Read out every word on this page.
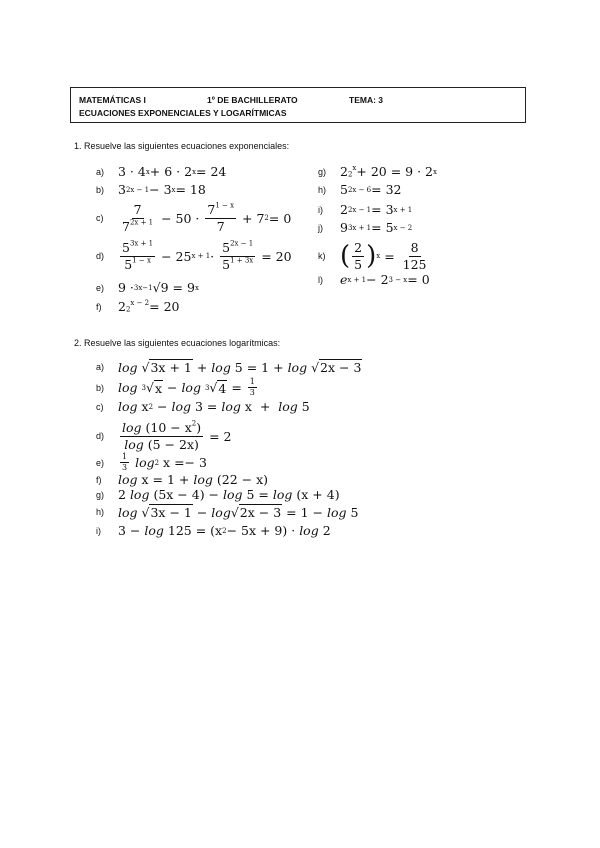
MATEMÁTICAS I	1º DE BACHILLERATO	TEMA: 3
ECUACIONES EXPONENCIALES Y LOGARÍTMICAS
1. Resuelve las siguientes ecuaciones exponenciales:
a)	3 · 4 x + 6 · 2 x = 24
b)	3 2x − 1 − 3 x = 18
c)
7
$7^{2x + 1} - 50$ ·
$7^{1 - x}$
7
+ 7 2 = 0
d)
$5^{3x + 1}$
$5^{1 - x} - 25$ x + 1 ·
$5^{2x - 1}$
$5^{1 + 3x} = 20$
e)	9 · 3x−1 √9 = 9 x
f)	2 $2^{x - 2} = 20$
g)	2 $2^x + 20 = 9 \cdot 2$ x
h)	5 2x − 6 = 32
i)	2 2x − 1 = 3 x + 1
j)	9 3x + 1 = 5 x − 2
k) ( 2
5 ) x =
8
125
l)	e x + 1 − 2 3 − x = 0
2. Resuelve las siguientes ecuaciones logarítmicas:
a)	log √ 3x + 1 + log 5 = 1 + log √ 2x − 3
b)	log
3 √ x − log
3 √ 4 = 1
3
c)	log x 2 − log 3 = log x  + log 5
d)
$\log (10 - x^2)$
log (5 − 2x)
= 2
e)
1
3
log 2 x =− 3
f)	log x = 1 + log (22 − x)
g)	2 log (5x − 4) − log 5 = log (x + 4)
h)	log √ 3x − 1 − log √ 2x − 3 = 1 − log 5
i)	3 − log 125 = (x 2 − 5x + 9) · log 2
